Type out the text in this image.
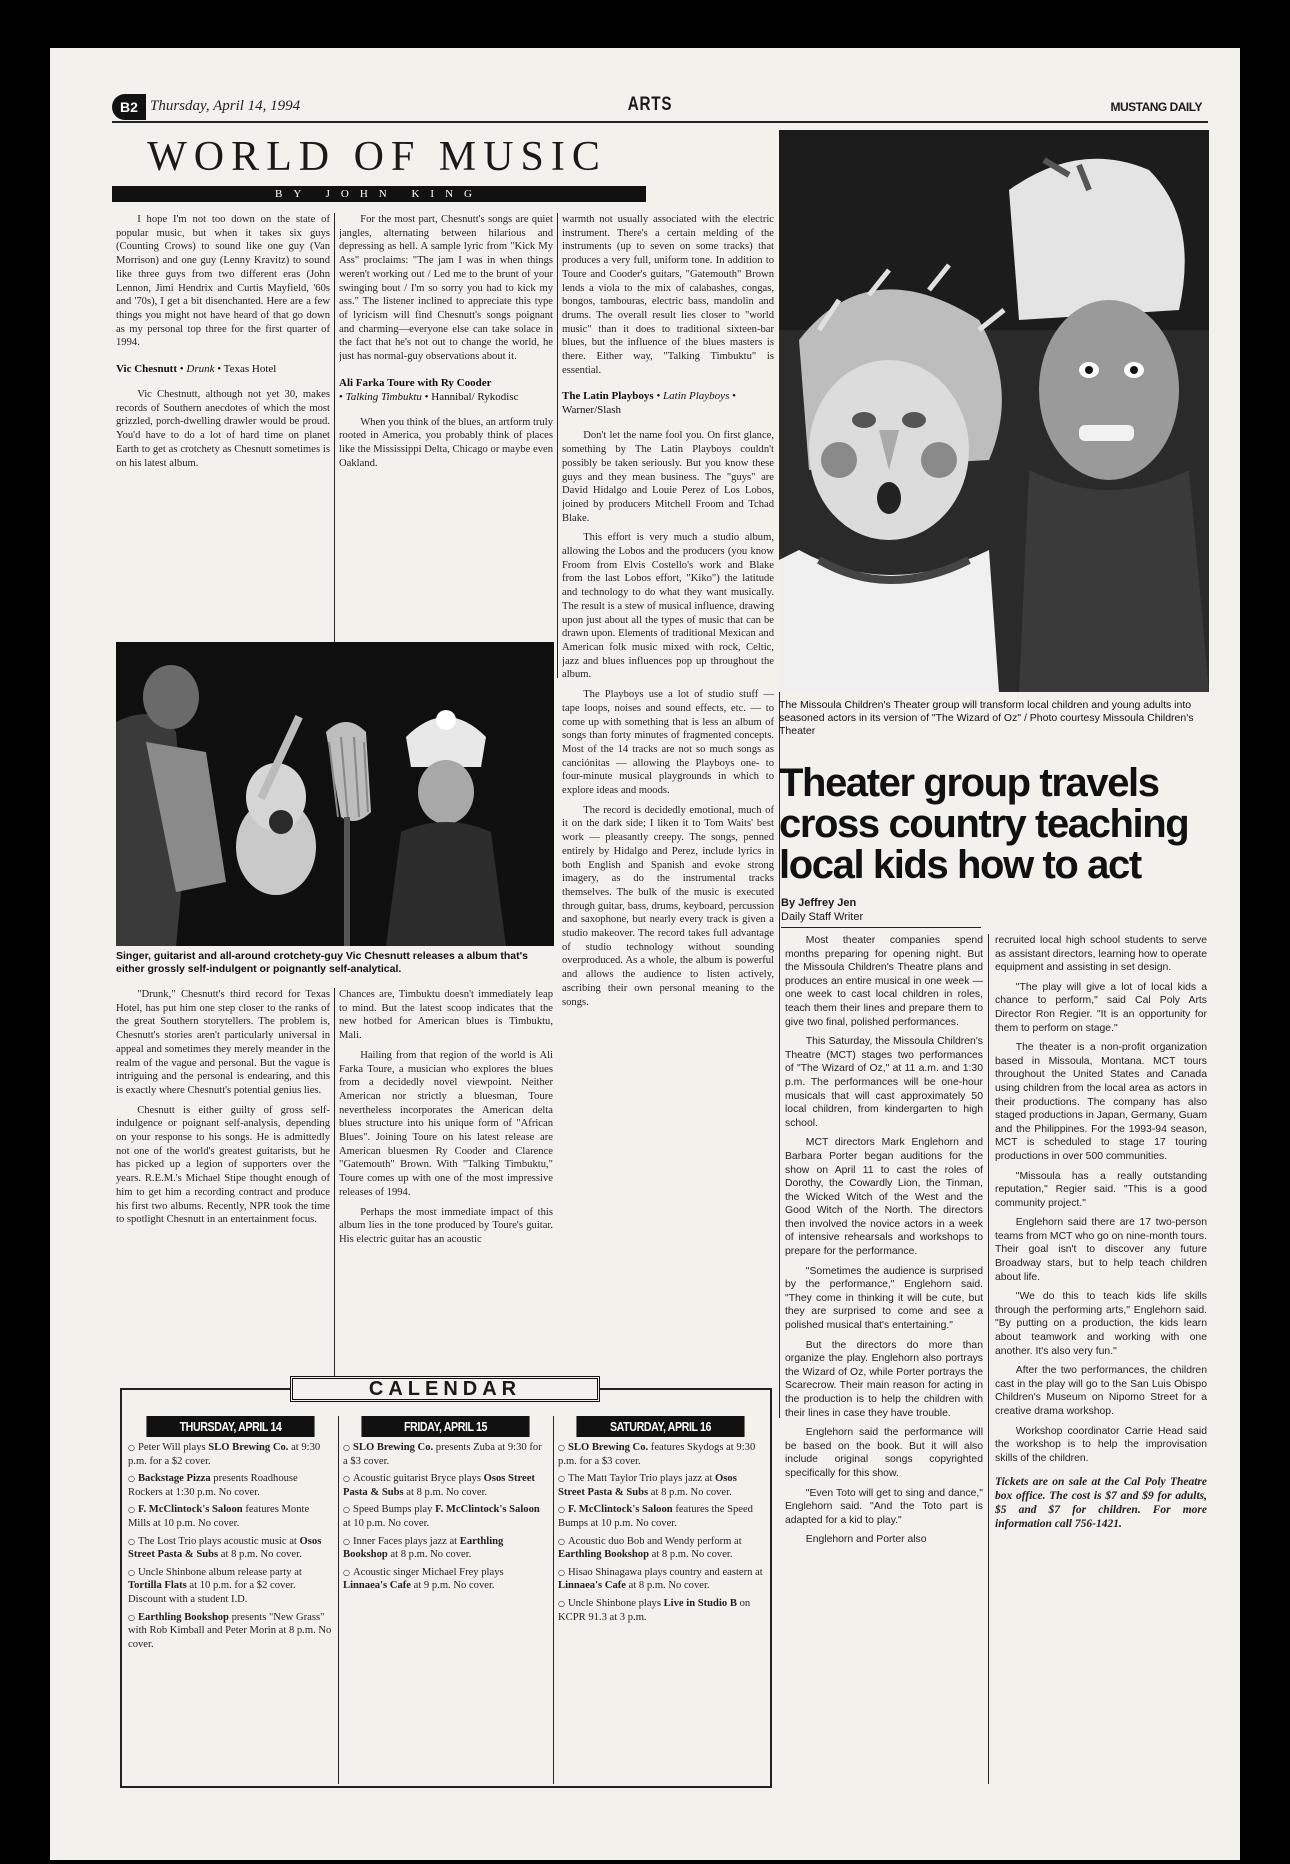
B2 Thursday, April 14, 1994	ARTS	MUSTANG DAILY
WORLD OF MUSIC
BY JOHN KING

I hope I'm not too down on the state of popular music, but when it takes six guys (Counting Crows) to sound like one guy (Van Morrison) and one guy (Lenny Kravitz) to sound like three guys from two different eras (John Lennon, Jimi Hendrix and Curtis Mayfield, '60s and '70s), I get a bit disenchanted. Here are a few things you might not have heard of that go down as my personal top three for the first quarter of 1994.

Vic Chesnutt • Drunk • Texas Hotel

Vic Chestnutt, although not yet 30, makes records of Southern anecdotes of which the most grizzled, porch-dwelling drawler would be proud. You'd have to do a lot of hard time on planet Earth to get as crotchety as Chesnutt sometimes is on his latest album.

For the most part, Chesnutt's songs are quiet jangles, alternating between hilarious and depressing as hell. A sample lyric from "Kick My Ass" proclaims: "The jam I was in when things weren't working out / Led me to the brunt of your swinging bout / I'm so sorry you had to kick my ass." The listener inclined to appreciate this type of lyricism will find Chesnutt's songs poignant and charming—everyone else can take solace in the fact that he's not out to change the world, he just has normal-guy observations about it.

Ali Farka Toure with Ry Cooder
• Talking Timbuktu • Hannibal/ Rykodisc

When you think of the blues, an artform truly rooted in America, you probably think of places like the Mississippi Delta, Chicago or maybe even Oakland.

warmth not usually associated with the electric instrument. There's a certain melding of the instruments (up to seven on some tracks) that produces a very full, uniform tone. In addition to Toure and Cooder's guitars, "Gatemouth" Brown lends a viola to the mix of calabashes, congas, bongos, tambouras, electric bass, mandolin and drums. The overall result lies closer to "world music" than it does to traditional sixteen-bar blues, but the influence of the blues masters is there. Either way, "Talking Timbuktu" is essential.

The Latin Playboys • Latin Playboys • Warner/Slash

Don't let the name fool you. On first glance, something by The Latin Playboys couldn't possibly be taken seriously. But you know these guys and they mean business. The "guys" are David Hidalgo and Louie Perez of Los Lobos, joined by producers Mitchell Froom and Tchad Blake.

This effort is very much a studio album, allowing the Lobos and the producers (you know Froom from Elvis Costello's work and Blake from the last Lobos effort, "Kiko") the latitude and technology to do what they want musically. The result is a stew of musical influence, drawing upon just about all the types of music that can be drawn upon. Elements of traditional Mexican and American folk music mixed with rock, Celtic, jazz and blues influences pop up throughout the album.

The Playboys use a lot of studio stuff — tape loops, noises and sound effects, etc. — to come up with something that is less an album of songs than forty minutes of fragmented concepts. Most of the 14 tracks are not so much songs as canciónitas — allowing the Playboys one- to four-minute musical playgrounds in which to explore ideas and moods.

The record is decidedly emotional, much of it on the dark side; I liken it to Tom Waits' best work — pleasantly creepy. The songs, penned entirely by Hidalgo and Perez, include lyrics in both English and Spanish and evoke strong imagery, as do the instrumental tracks themselves. The bulk of the music is executed through guitar, bass, drums, keyboard, percussion and saxophone, but nearly every track is given a studio makeover. The record takes full advantage of studio technology without sounding overproduced. As a whole, the album is powerful and allows the audience to listen actively, ascribing their own personal meaning to the songs.

Singer, guitarist and all-around crotchety-guy Vic Chesnutt releases a album that's either grossly self-indulgent or poignantly self-analytical.

"Drunk," Chesnutt's third record for Texas Hotel, has put him one step closer to the ranks of the great Southern storytellers. The problem is, Chesnutt's stories aren't particularly universal in appeal and sometimes they merely meander in the realm of the vague and personal. But the vague is intriguing and the personal is endearing, and this is exactly where Chesnutt's potential genius lies.

Chesnutt is either guilty of gross self-indulgence or poignant self-analysis, depending on your response to his songs. He is admittedly not one of the world's greatest guitarists, but he has picked up a legion of supporters over the years. R.E.M.'s Michael Stipe thought enough of him to get him a recording contract and produce his first two albums. Recently, NPR took the time to spotlight Chesnutt in an entertainment focus.

Chances are, Timbuktu doesn't immediately leap to mind. But the latest scoop indicates that the new hotbed for American blues is Timbuktu, Mali.

Hailing from that region of the world is Ali Farka Toure, a musician who explores the blues from a decidedly novel viewpoint. Neither American nor strictly a bluesman, Toure nevertheless incorporates the American delta blues structure into his unique form of "African Blues". Joining Toure on his latest release are American bluesmen Ry Cooder and Clarence "Gatemouth" Brown. With "Talking Timbuktu," Toure comes up with one of the most impressive releases of 1994.

Perhaps the most immediate impact of this album lies in the tone produced by Toure's guitar. His electric guitar has an acoustic

The Missoula Children's Theater group will transform local children and young adults into seasoned actors in its version of "The Wizard of Oz" / Photo courtesy Missoula Children's Theater
Theater group travels cross country teaching local kids how to act
By Jeffrey Jen
Daily Staff Writer

Most theater companies spend months preparing for opening night. But the Missoula Children's Theatre plans and produces an entire musical in one week — one week to cast local children in roles, teach them their lines and prepare them to give two final, polished performances.

This Saturday, the Missoula Children's Theatre (MCT) stages two performances of "The Wizard of Oz," at 11 a.m. and 1:30 p.m. The performances will be one-hour musicals that will cast approximately 50 local children, from kindergarten to high school.

MCT directors Mark Englehorn and Barbara Porter began auditions for the show on April 11 to cast the roles of Dorothy, the Cowardly Lion, the Tinman, the Wicked Witch of the West and the Good Witch of the North. The directors then involved the novice actors in a week of intensive rehearsals and workshops to prepare for the performance.

"Sometimes the audience is surprised by the performance," Englehorn said. "They come in thinking it will be cute, but they are surprised to come and see a polished musical that's entertaining."

But the directors do more than organize the play. Englehorn also portrays the Wizard of Oz, while Porter portrays the Scarecrow. Their main reason for acting in the production is to help the children with their lines in case they have trouble.

Englehorn said the performance will be based on the book. But it will also include original songs copyrighted specifically for this show.

"Even Toto will get to sing and dance," Englehorn said. "And the Toto part is adapted for a kid to play."

Englehorn and Porter also

recruited local high school students to serve as assistant directors, learning how to operate equipment and assisting in set design.

"The play will give a lot of local kids a chance to perform," said Cal Poly Arts Director Ron Regier. "It is an opportunity for them to perform on stage."

The theater is a non-profit organization based in Missoula, Montana. MCT tours throughout the United States and Canada using children from the local area as actors in their productions. The company has also staged productions in Japan, Germany, Guam and the Philippines. For the 1993-94 season, MCT is scheduled to stage 17 touring productions in over 500 communities.

"Missoula has a really outstanding reputation," Regier said. "This is a good community project."

Englehorn said there are 17 two-person teams from MCT who go on nine-month tours. Their goal isn't to discover any future Broadway stars, but to help teach children about life.

"We do this to teach kids life skills through the performing arts," Englehorn said. "By putting on a production, the kids learn about teamwork and working with one another. It's also very fun."

After the two performances, the children cast in the play will go to the San Luis Obispo Children's Museum on Nipomo Street for a creative drama workshop.

Workshop coordinator Carrie Head said the workshop is to help the improvisation skills of the children.

Tickets are on sale at the Cal Poly Theatre box office. The cost is $7 and $9 for adults, $5 and $7 for children. For more information call 756-1421.

CALENDAR
THURSDAY, APRIL 14

○ Peter Will plays SLO Brewing Co. at 9:30 p.m. for a $2 cover.

○ Backstage Pizza presents Roadhouse Rockers at 1:30 p.m. No cover.

○ F. McClintock's Saloon features Monte Mills at 10 p.m. No cover.

○ The Lost Trio plays acoustic music at Osos Street Pasta & Subs at 8 p.m. No cover.

○ Uncle Shinbone album release party at Tortilla Flats at 10 p.m. for a $2 cover. Discount with a student I.D.

○ Earthling Bookshop presents "New Grass" with Rob Kimball and Peter Morin at 8 p.m. No cover.

FRIDAY, APRIL 15

○ SLO Brewing Co. presents Zuba at 9:30 for a $3 cover.

○ Acoustic guitarist Bryce plays Osos Street Pasta & Subs at 8 p.m. No cover.

○ Speed Bumps play F. McClintock's Saloon at 10 p.m. No cover.

○ Inner Faces plays jazz at Earthling Bookshop at 8 p.m. No cover.

○ Acoustic singer Michael Frey plays Linnaea's Cafe at 9 p.m. No cover.

SATURDAY, APRIL 16

○ SLO Brewing Co. features Skydogs at 9:30 p.m. for a $3 cover.

○ The Matt Taylor Trio plays jazz at Osos Street Pasta & Subs at 8 p.m. No cover.

○ F. McClintock's Saloon features the Speed Bumps at 10 p.m. No cover.

○ Acoustic duo Bob and Wendy perform at Earthling Bookshop at 8 p.m. No cover.

○ Hisao Shinagawa plays country and eastern at Linnaea's Cafe at 8 p.m. No cover.

○ Uncle Shinbone plays Live in Studio B on KCPR 91.3 at 3 p.m.
